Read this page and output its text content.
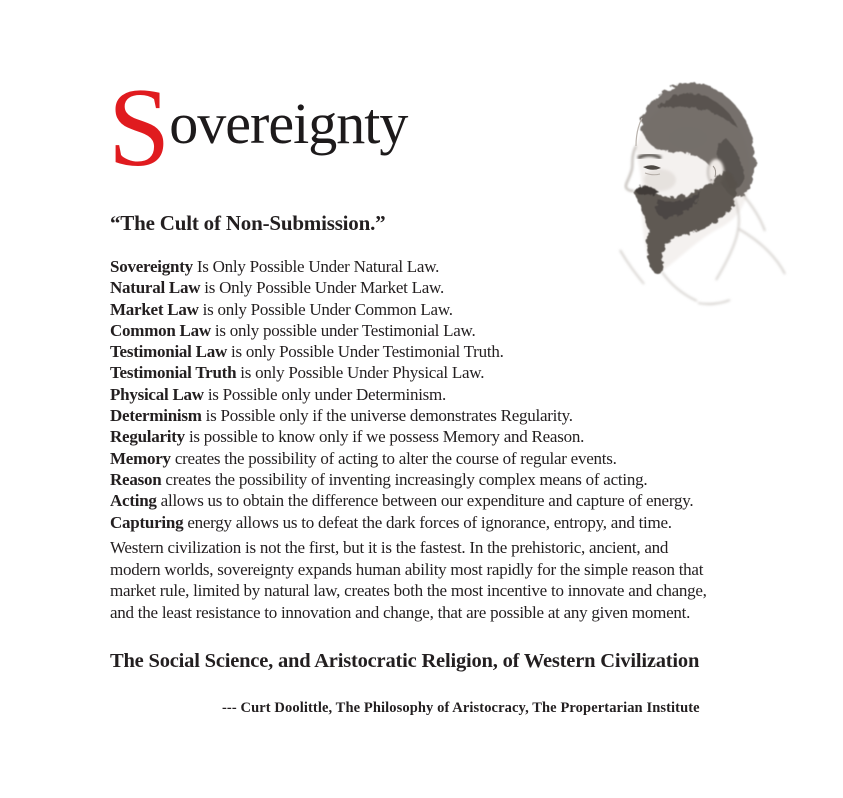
S overeignty
“The Cult of Non-Submission.”
Sovereignty Is Only Possible Under Natural Law.
Natural Law is Only Possible Under Market Law.
Market Law is only Possible Under Common Law.
Common Law is only possible under Testimonial Law.
Testimonial Law is only Possible Under Testimonial Truth.
Testimonial Truth is only Possible Under Physical Law.
Physical Law is Possible only under Determinism.
Determinism is Possible only if the universe demonstrates Regularity.
Regularity is possible to know only if we possess Memory and Reason.
Memory creates the possibility of acting to alter the course of regular events.
Reason creates the possibility of inventing increasingly complex means of acting.
Acting allows us to obtain the difference between our expenditure and capture of energy.
Capturing energy allows us to defeat the dark forces of ignorance, entropy, and time.
Western civilization is not the first, but it is the fastest. In the prehistoric, ancient, and
modern worlds, sovereignty expands human ability most rapidly for the simple reason that
market rule, limited by natural law, creates both the most incentive to innovate and change,
and the least resistance to innovation and change, that are possible at any given moment.
The Social Science, and Aristocratic Religion, of Western Civilization
--- Curt Doolittle, The Philosophy of Aristocracy, The Propertarian Institute
